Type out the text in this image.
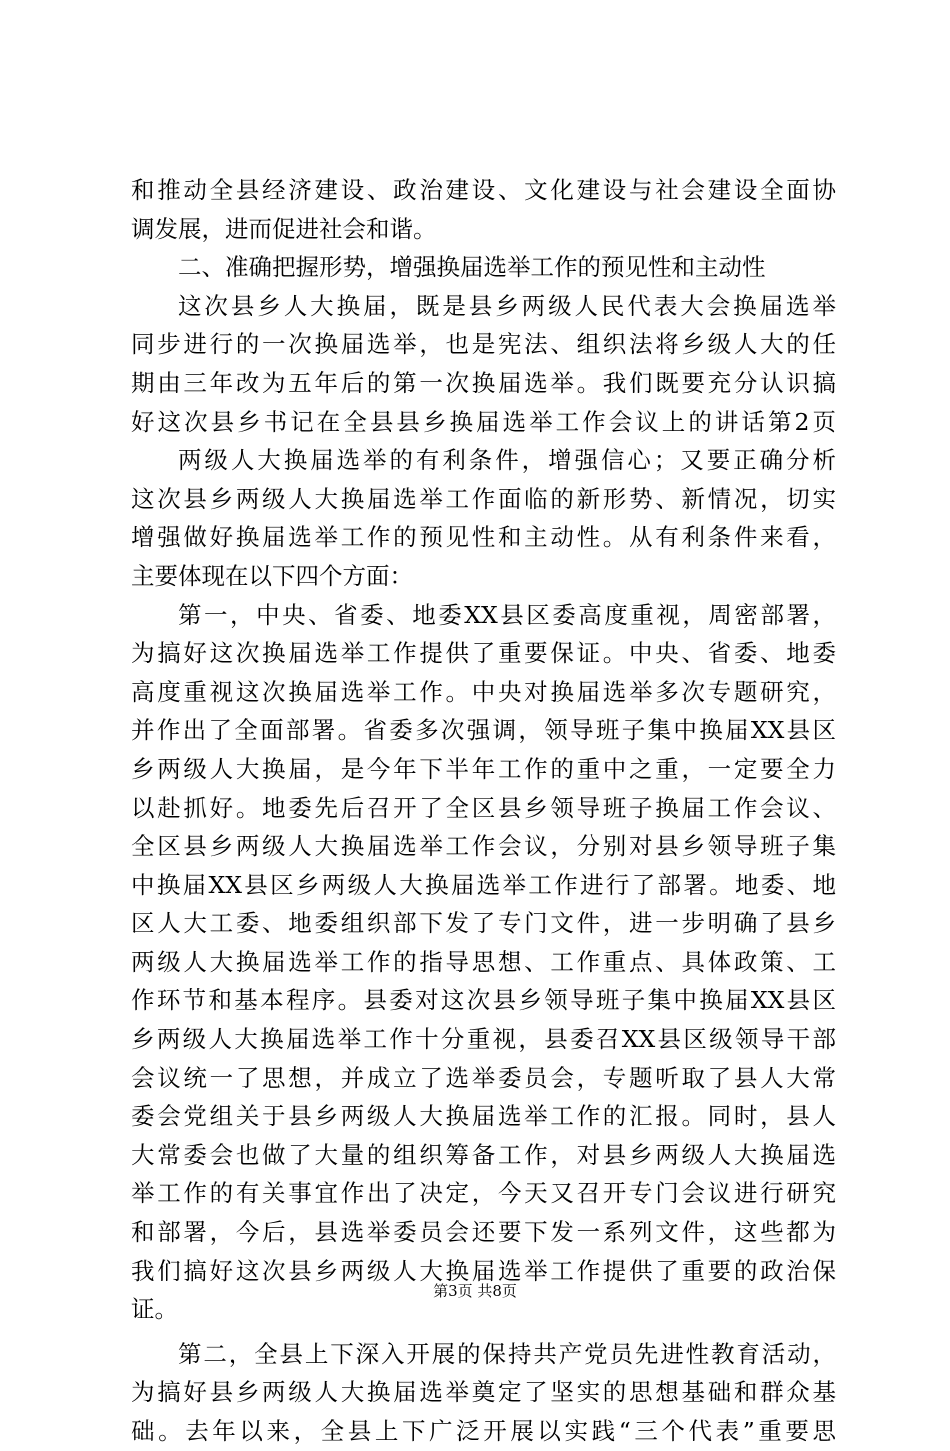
和推动全县经济建设、政治建设、文化建设与社会建设全面协
调发展，进而促进社会和谐。
二、准确把握形势，增强换届选举工作的预见性和主动性
这次县乡人大换届，既是县乡两级人民代表大会换届选举
同步进行的一次换届选举，也是宪法、组织法将乡级人大的任
期由三年改为五年后的第一次换届选举。我们既要充分认识搞
好这次县乡书记在全县县乡换届选举工作会议上的讲话第2页
两级人大换届选举的有利条件，增强信心；又要正确分析
这次县乡两级人大换届选举工作面临的新形势、新情况，切实
增强做好换届选举工作的预见性和主动性。从有利条件来看，
主要体现在以下四个方面：
第一，中央、省委、地委XX县区委高度重视，周密部署，
为搞好这次换届选举工作提供了重要保证。中央、省委、地委
高度重视这次换届选举工作。中央对换届选举多次专题研究，
并作出了全面部署。省委多次强调，领导班子集中换届XX县区
乡两级人大换届，是今年下半年工作的重中之重，一定要全力
以赴抓好。地委先后召开了全区县乡领导班子换届工作会议、
全区县乡两级人大换届选举工作会议，分别对县乡领导班子集
中换届XX县区乡两级人大换届选举工作进行了部署。地委、地
区人大工委、地委组织部下发了专门文件，进一步明确了县乡
两级人大换届选举工作的指导思想、工作重点、具体政策、工
作环节和基本程序。县委对这次县乡领导班子集中换届XX县区
乡两级人大换届选举工作十分重视，县委召XX县区级领导干部
会议统一了思想，并成立了选举委员会，专题听取了县人大常
委会党组关于县乡两级人大换届选举工作的汇报。同时，县人
大常委会也做了大量的组织筹备工作，对县乡两级人大换届选
举工作的有关事宜作出了决定，今天又召开专门会议进行研究
和部署，今后，县选举委员会还要下发一系列文件，这些都为
我们搞好这次县乡两级人大换届选举工作提供了重要的政治保
证。
第二，全县上下深入开展的保持共产党员先进性教育活动，
为搞好县乡两级人大换届选举奠定了坚实的思想基础和群众基
础。去年以来，全县上下广泛开展以实践“三个代表”重要思
第3页 共8页
